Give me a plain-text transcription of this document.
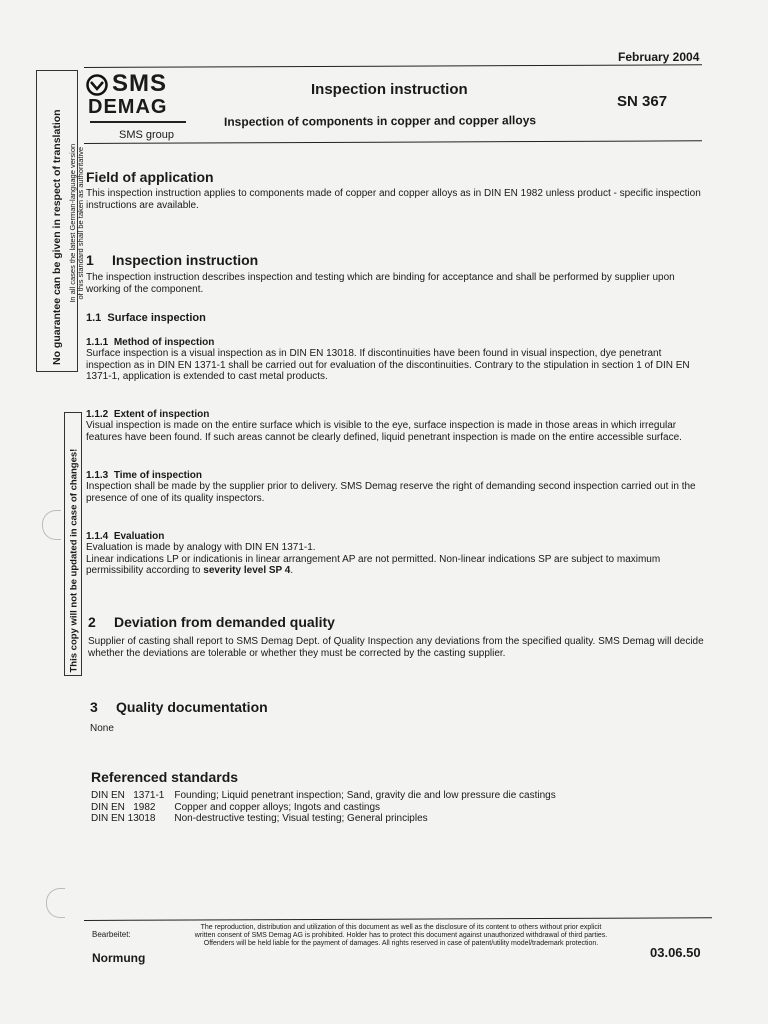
February 2004
SMS
DEMAG
SMS group
Inspection instruction
Inspection of components in copper and copper alloys
SN 367
No guarantee can be given in respect of translation In all cases the latest German-language version of this standard shall be taken as authoritative
This copy will not be updated in case of changes!
Field of application
This inspection instruction applies to components made of copper and copper alloys as in DIN EN 1982 unless product - specific inspection instructions are available.
1 Inspection instruction
The inspection instruction describes inspection and testing which are binding for acceptance and shall be performed by supplier upon working of the component.
1.1 Surface inspection
1.1.1 Method of inspection
Surface inspection is a visual inspection as in DIN EN 13018. If discontinuities have been found in visual inspection, dye penetrant inspection as in DIN EN 1371-1 shall be carried out for evaluation of the discontinuities. Contrary to the stipulation in section 1 of DIN EN 1371-1, application is extended to cast metal products.
1.1.2 Extent of inspection
Visual inspection is made on the entire surface which is visible to the eye, surface inspection is made in those areas in which irregular features have been found. If such areas cannot be clearly defined, liquid penetrant inspection is made on the entire accessible surface.
1.1.3 Time of inspection
Inspection shall be made by the supplier prior to delivery. SMS Demag reserve the right of demanding second inspection carried out in the presence of one of its quality inspectors.
1.1.4 Evaluation
Evaluation is made by analogy with DIN EN 1371-1.
Linear indications LP or indicationis in linear arrangement AP are not permitted. Non-linear indications SP are subject to maximum permissibility according to severity level SP 4.
2 Deviation from demanded quality
Supplier of casting shall report to SMS Demag Dept. of Quality Inspection any deviations from the specified quality. SMS Demag will decide whether the deviations are tolerable or whether they must be corrected by the casting supplier.
3 Quality documentation
None
Referenced standards
DIN EN   1371-1	Founding; Liquid penetrant inspection; Sand, gravity die and low pressure die castings
DIN EN   1982	Copper and copper alloys; Ingots and castings
DIN EN 13018	Non-destructive testing; Visual testing; General principles
Bearbeitet:
Normung
The reproduction, distribution and utilization of this document as well as the disclosure of its content to others without prior explicit written consent of SMS Demag AG is prohibited. Holder has to protect this document against unauthorized withdrawal of third parties. Offenders will be held liable for the payment of damages. All rights reserved in case of patent/utility model/trademark protection.
03.06.50
